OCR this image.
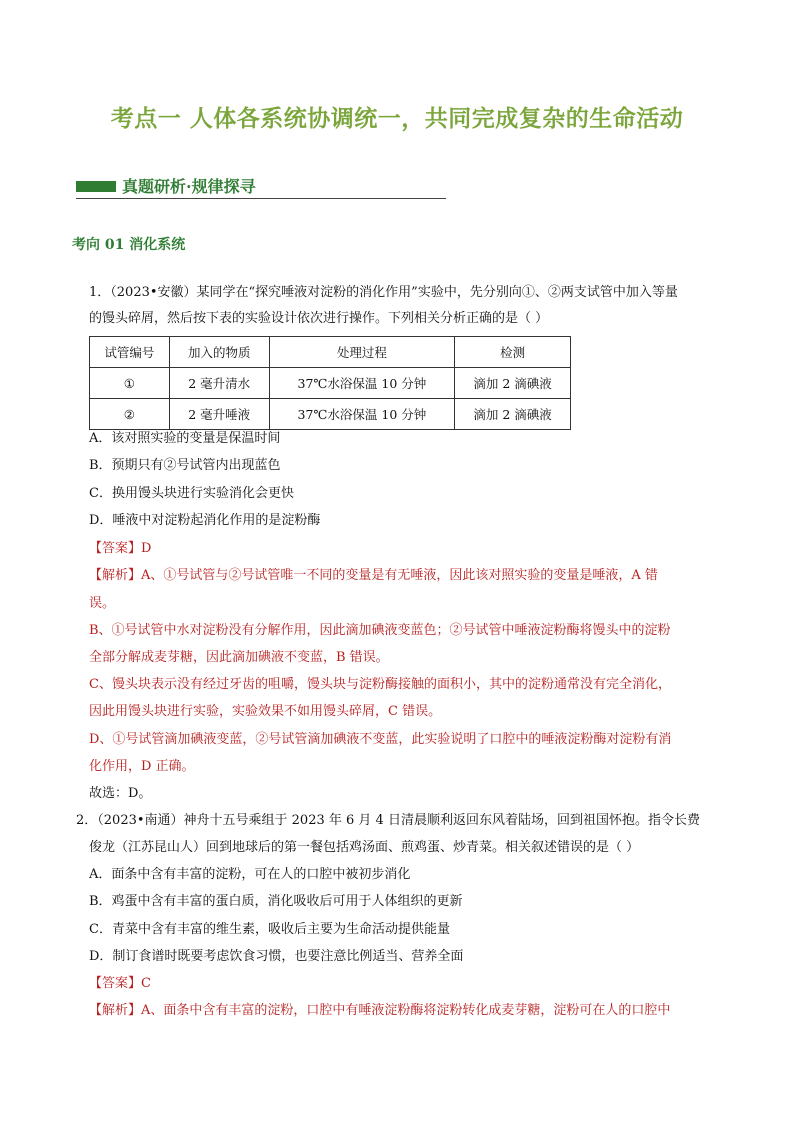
考点一 人体各系统协调统一，共同完成复杂的生命活动
真题研析·规律探寻
考向 01 消化系统
1．（2023•安徽）某同学在“探究唾液对淀粉的消化作用”实验中，先分别向①、②两支试管中加入等量
的馒头碎屑，然后按下表的实验设计依次进行操作。下列相关分析正确的是（ ）
试管编号	加入的物质	处理过程	检测
①	2 毫升清水	37℃水浴保温 10 分钟	滴加 2 滴碘液
②	2 毫升唾液	37℃水浴保温 10 分钟	滴加 2 滴碘液
A．该对照实验的变量是保温时间
B．预期只有②号试管内出现蓝色
C．换用馒头块进行实验消化会更快
D．唾液中对淀粉起消化作用的是淀粉酶
【答案】D
【解析】A、①号试管与②号试管唯一不同的变量是有无唾液，因此该对照实验的变量是唾液，A 错
误。
B、①号试管中水对淀粉没有分解作用，因此滴加碘液变蓝色；②号试管中唾液淀粉酶将馒头中的淀粉
全部分解成麦芽糖，因此滴加碘液不变蓝，B 错误。
C、馒头块表示没有经过牙齿的咀嚼，馒头块与淀粉酶接触的面积小，其中的淀粉通常没有完全消化，
因此用馒头块进行实验，实验效果不如用馒头碎屑，C 错误。
D、①号试管滴加碘液变蓝，②号试管滴加碘液不变蓝，此实验说明了口腔中的唾液淀粉酶对淀粉有消
化作用，D 正确。
故选：D。
2．（2023•南通）神舟十五号乘组于 2023 年 6 月 4 日清晨顺利返回东风着陆场，回到祖国怀抱。指令长费
俊龙（江苏昆山人）回到地球后的第一餐包括鸡汤面、煎鸡蛋、炒青菜。相关叙述错误的是（ ）
A．面条中含有丰富的淀粉，可在人的口腔中被初步消化
B．鸡蛋中含有丰富的蛋白质，消化吸收后可用于人体组织的更新
C．青菜中含有丰富的维生素，吸收后主要为生命活动提供能量
D．制订食谱时既要考虑饮食习惯，也要注意比例适当、营养全面
【答案】C
【解析】A、面条中含有丰富的淀粉，口腔中有唾液淀粉酶将淀粉转化成麦芽糖，淀粉可在人的口腔中
